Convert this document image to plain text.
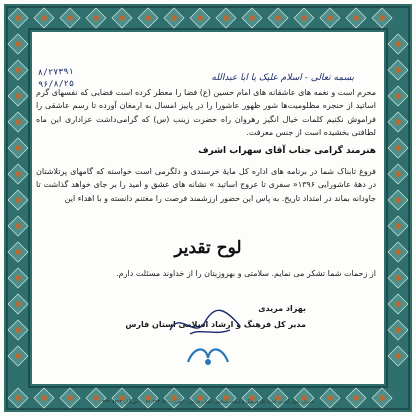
۸/۲۷۳۹۱
۹۶/۸/۲۵
بسمه تعالی - اسلام علیک یا ابا عبدالله
محرم است و نغمه های عاشقانه های امام حسین (ع) فضا را معطر کرده است فضایی که نفسهای گرم اساتید از حنجره مظلومیت‌ها شور ظهور عاشورا را در پاییز امسال به ارمغان آورده تا رسم عاشقی را فراموش نکنیم کلمات خیال انگیز رهروان راه حضرت زینب (س) که گرامی‌داشت عزاداری این ماه لطافتی بخشیده است از جنس معرفت.
هنرمند گرامی جناب آقای سهراب اشرف
فروغ تابناک شما در برنامه های اداره کل مایهٔ خرسندی و دلگرمی است خواسته که گامهای پرتلاشتان در دههٔ عاشورایی ۱۳۹۶« سفری تا عروج اساتید » نشانه های عشق و امید را بر جای خواهد گذاشت تا جاودانه بماند در امتداد تاریخ. به پاس این حضور ارزشمند فرصت را مغتنم دانسته و با اهداء این
لوح تقدیر
از زحمات شما تشکر می نمایم. سلامتی و بهروزیتان را از خداوند مسئلت دارم.
بهزاد مریدی
مدیر کل فرهنگ و ارشاد اسلامی استان فارس
شیراز، بلوار آزادی، اداره کل فرهنگ و ارشاد اسلامی استان فارس - تلفن: ۳۲۳۰۸۱۰۰-۰۷۱ - دورنگار: ۳۲۳۰۸۴۴۲
